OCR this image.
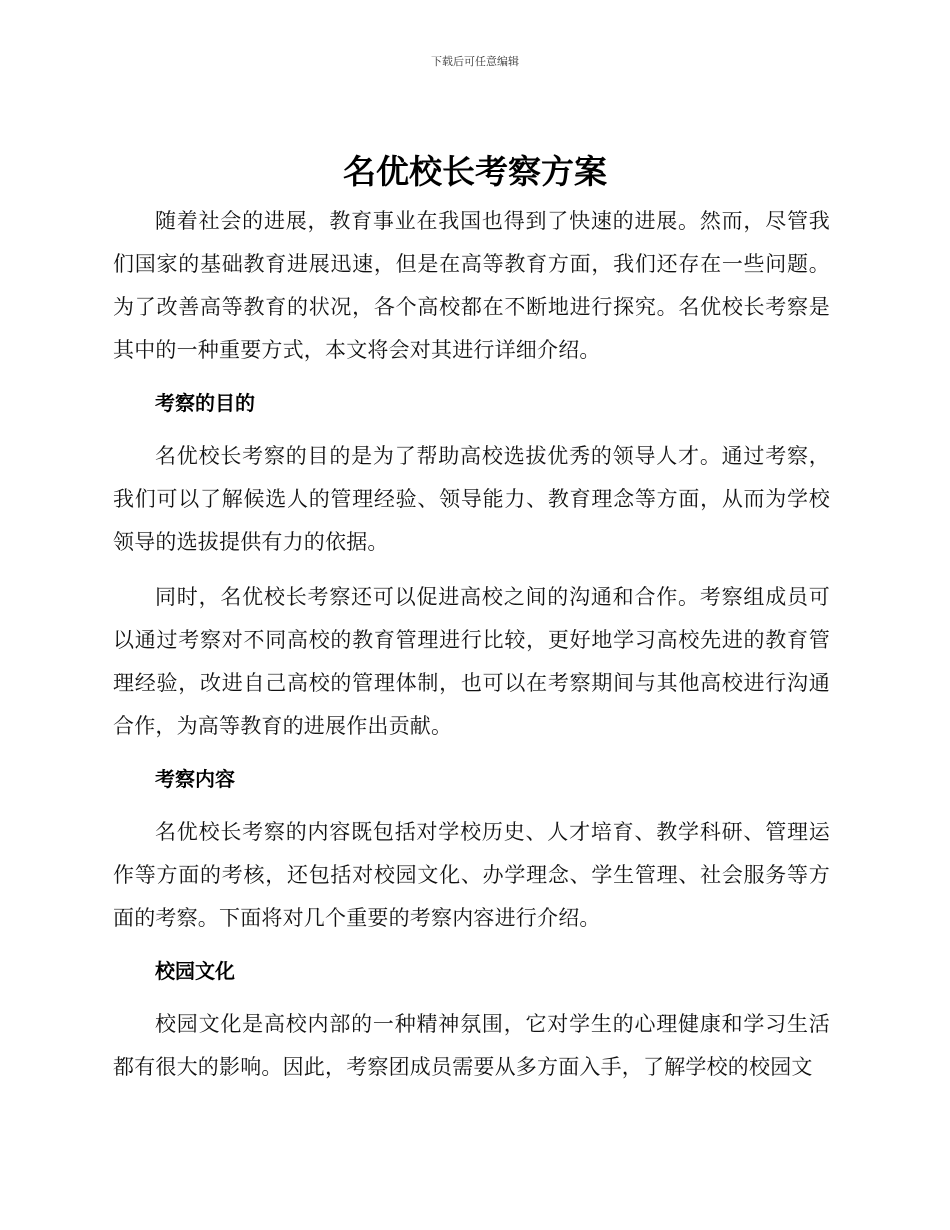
下载后可任意编辑
名优校长考察方案

随着社会的进展，教育事业在我国也得到了快速的进展。然而，尽管我们国家的基础教育进展迅速，但是在高等教育方面，我们还存在一些问题。为了改善高等教育的状况，各个高校都在不断地进行探究。名优校长考察是其中的一种重要方式，本文将会对其进行详细介绍。

考察的目的

名优校长考察的目的是为了帮助高校选拔优秀的领导人才。通过考察，我们可以了解候选人的管理经验、领导能力、教育理念等方面，从而为学校领导的选拔提供有力的依据。

同时，名优校长考察还可以促进高校之间的沟通和合作。考察组成员可以通过考察对不同高校的教育管理进行比较，更好地学习高校先进的教育管理经验，改进自己高校的管理体制，也可以在考察期间与其他高校进行沟通合作，为高等教育的进展作出贡献。

考察内容

名优校长考察的内容既包括对学校历史、人才培育、教学科研、管理运作等方面的考核，还包括对校园文化、办学理念、学生管理、社会服务等方面的考察。下面将对几个重要的考察内容进行介绍。

校园文化

校园文化是高校内部的一种精神氛围，它对学生的心理健康和学习生活都有很大的影响。因此，考察团成员需要从多方面入手，了解学校的校园文
